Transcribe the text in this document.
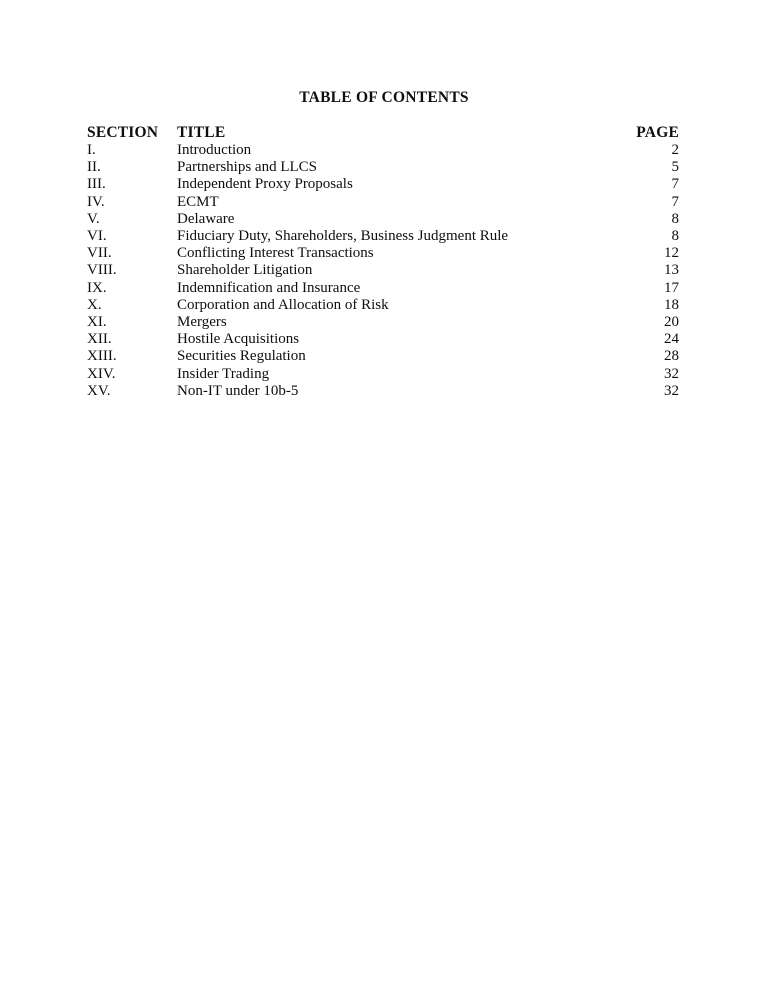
TABLE OF CONTENTS
SECTION	TITLE	PAGE
I.	Introduction	2
II.	Partnerships and LLCS	5
III.	Independent Proxy Proposals	7
IV.	ECMT	7
V.	Delaware	8
VI.	Fiduciary Duty, Shareholders, Business Judgment Rule	8
VII.	Conflicting Interest Transactions	12
VIII.	Shareholder Litigation	13
IX.	Indemnification and Insurance	17
X.	Corporation and Allocation of Risk	18
XI.	Mergers	20
XII.	Hostile Acquisitions	24
XIII.	Securities Regulation	28
XIV.	Insider Trading	32
XV.	Non-IT under 10b-5	32
